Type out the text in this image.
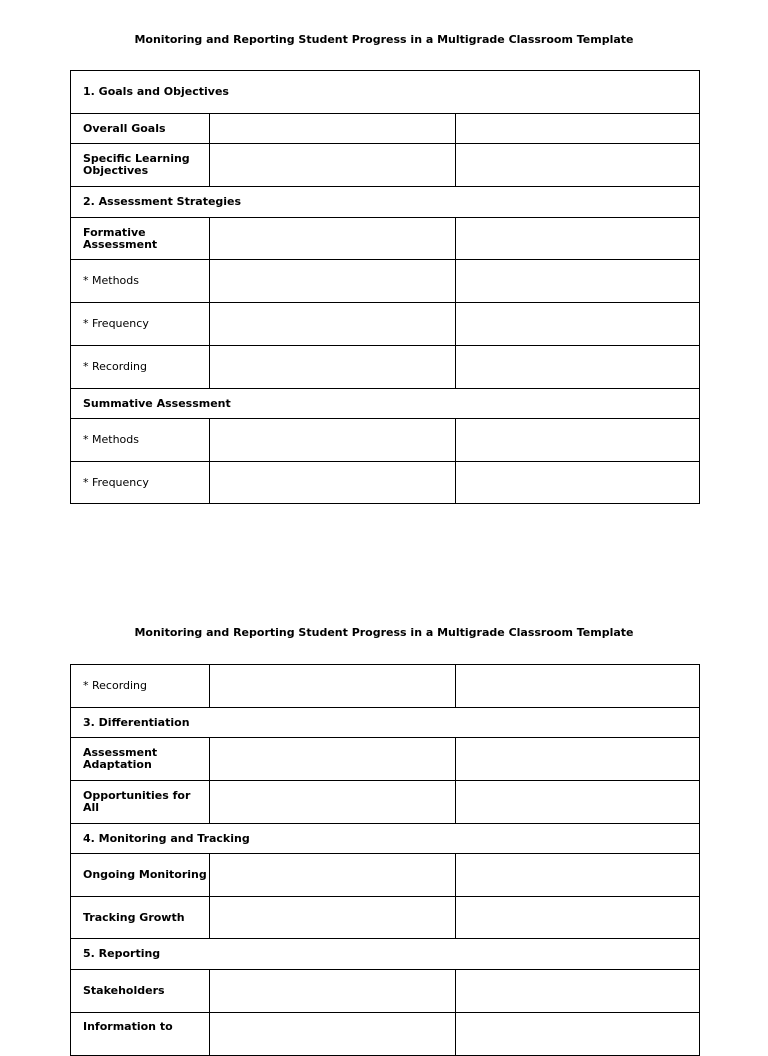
Monitoring and Reporting Student Progress in a Multigrade Classroom Template
1. Goals and Objectives		
Overall Goals		
Specific Learning Objectives		
2. Assessment Strategies		
Formative Assessment		
* Methods		
* Frequency		
* Recording		
Summative Assessment		
* Methods		
* Frequency		
Monitoring and Reporting Student Progress in a Multigrade Classroom Template
* Recording		
3. Differentiation		
Assessment Adaptation		
Opportunities for All		
4. Monitoring and Tracking		
Ongoing Monitoring		
Tracking Growth		
5. Reporting		
Stakeholders		
Information to		
